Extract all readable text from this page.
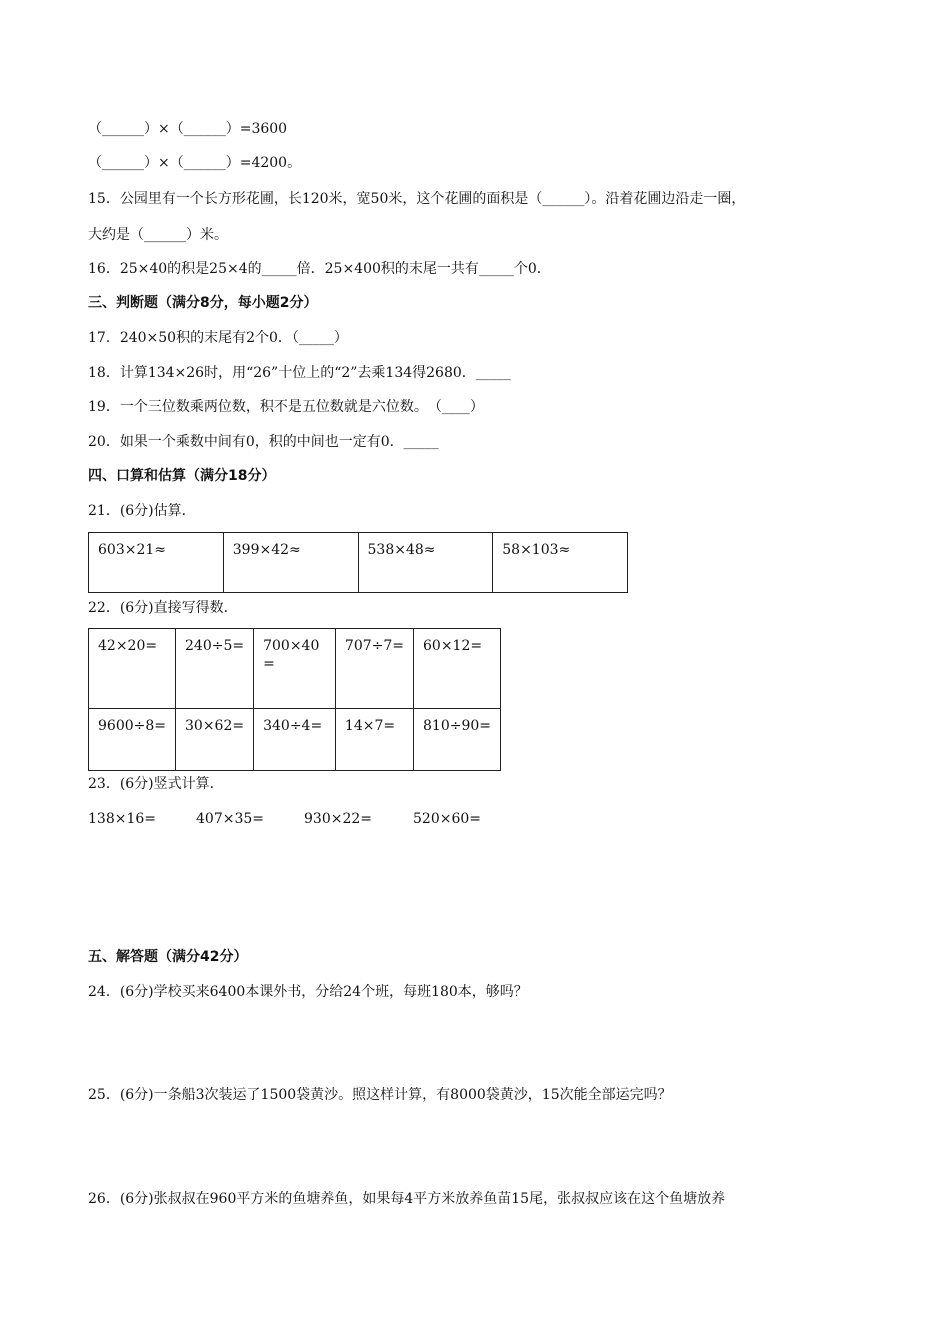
（______）×（______）=3600
（______）×（______）=4200。
15．公园里有一个长方形花圃，长120米，宽50米，这个花圃的面积是（______）。沿着花圃边沿走一圈，
大约是（______）米。
16．25×40的积是25×4的_____倍．25×400积的末尾一共有_____个0．
三、判断题（满分8分，每小题2分）
17．240×50积的末尾有2个0．（_____）
18．计算134×26时，用“26”十位上的“2”去乘134得2680．_____
19．一个三位数乘两位数，积不是五位数就是六位数。　（____）
20．如果一个乘数中间有0，积的中间也一定有0．_____
四、口算和估算（满分18分）
21．(6分)估算．
603×21≈	399×42≈	538×48≈	58×103≈
22．(6分)直接写得数．
42×20=	240÷5=	700×40=	707÷7=	60×12=
9600÷8=	30×62=	340÷4=	14×7=	810÷90=
23．(6分)竖式计算．
138×16=	407×35=	930×22=	520×60=
五、解答题（满分42分）
24．(6分)学校买来6400本课外书，分给24个班，每班180本，够吗？
25．(6分)一条船3次装运了1500袋黄沙。照这样计算，有8000袋黄沙，15次能全部运完吗？
26．(6分)张叔叔在960平方米的鱼塘养鱼，如果每4平方米放养鱼苗15尾，张叔叔应该在这个鱼塘放养
